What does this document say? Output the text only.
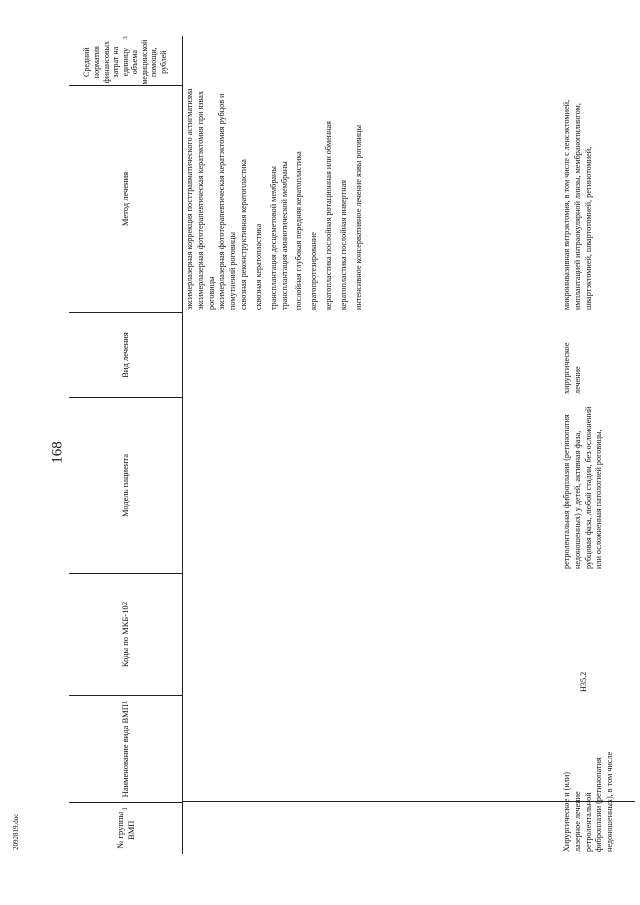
168
2092819.doc	№ группы ВМП
1
Наименование вида ВМП
1
Коды по МКБ-10
2
Модель пациента
Вид лечения
Метод лечения
Средний норматив финансовых затрат на единицу объема медицинской помощи, рублей
3

эксимерлазерная коррекция посттравматического астигматизма эксимерлазерная фототерапевтическая кератэктомия при язвах роговицы эксимерлазерная фототерапевтическая кератэктомия рубцов и помутнений роговицы сквозная реконструктивная кератопластика сквозная кератопластика трансплантация десцеметовой мембраны трансплантация амниотической мембраны послойная глубокая передняя кератопластика кератопротезирование кератопластика послойная ротационная или обменная кератопластика послойная инвертная интенсивное консервативное лечение язвы роговицы

Хирургическое и (или) лазерное лечение ретролентальной фиброплазии (ретинопатия недоношенных), в том числе
H35.2
ретролентальная фиброплазия (ретинопатия недоношенных) у детей, активная фаза, рубцовая фаза, любой стадии, без осложнений или осложненная патологией роговицы,
хирургическое лечение
микроинвазивная витрэктомия, в том числе с ленсэктомией, имплантацией интраокулярной линзы, мембранопилингом, швартэктомией, швартотомией, ретинотомией,
